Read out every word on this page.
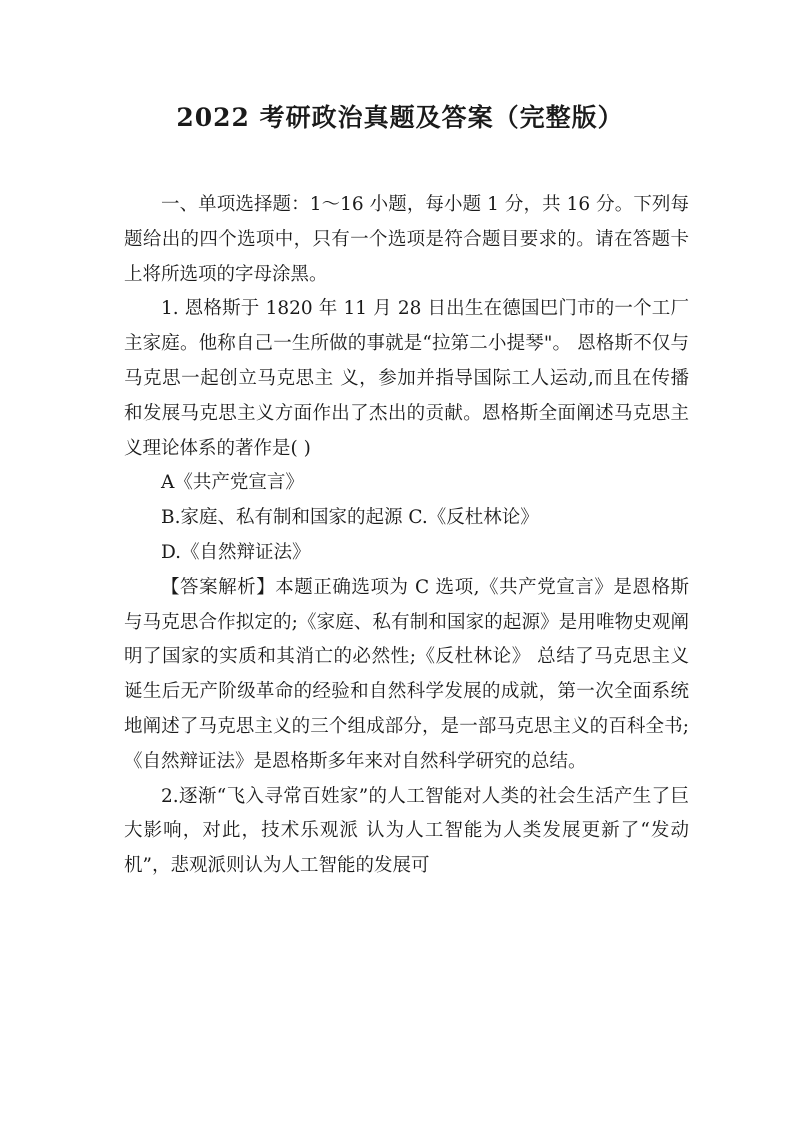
2022 考研政治真题及答案（完整版）

一、单项选择题：1～16 小题，每小题 1 分，共 16 分。下列每题给出的四个选项中，只有一个选项是符合题目要求的。请在答题卡上将所选项的字母涂黑。

1. 恩格斯于 1820 年 11 月 28 日出生在德国巴门市的一个工厂主家庭。他称自己一生所做的事就是“拉第二小提琴"。 恩格斯不仅与马克思一起创立马克思主 义，参加并指导国际工人运动,而且在传播和发展马克思主义方面作出了杰出的贡献。恩格斯全面阐述马克思主义理论体系的著作是( )

A《共产党宣言》

B.家庭、私有制和国家的起源 C.《反杜林论》

D.《自然辩证法》

【答案解析】本题正确选项为 C 选项,《共产党宣言》是恩格斯与马克思合作拟定的;《家庭、私有制和国家的起源》是用唯物史观阐明了国家的实质和其消亡的必然性;《反杜林论》 总结了马克思主义诞生后无产阶级革命的经验和自然科学发展的成就，第一次全面系统地阐述了马克思主义的三个组成部分，是一部马克思主义的百科全书;《自然辩证法》是恩格斯多年来对自然科学研究的总结。

2.逐渐“飞入寻常百姓家”的人工智能对人类的社会生活产生了巨大影响，对此，技术乐观派 认为人工智能为人类发展更新了“发动机”，悲观派则认为人工智能的发展可
